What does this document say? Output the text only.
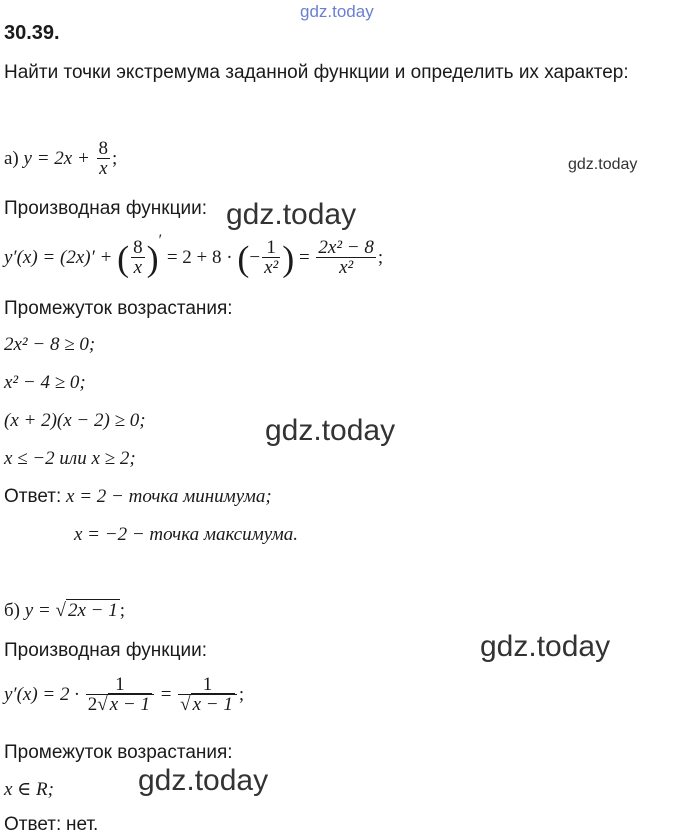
gdz.today
gdz.today
gdz.today
gdz.today
gdz.today
gdz.today
30.39.
Найти точки экстремума заданной функции и определить их характер:
а) $y = 2x + \frac{8}{x}$ ;
Производная функции:
y′(x) = (2x)′ + ( $\frac{8}{x} )' = 2 + 8$ · (− $\frac{1}{\text{x²}}$ ) = $\frac{\text{2x² − 8}}{\text{x²}}$ ;
Промежуток возрастания:
2x² − 8 ≥ 0;
x² − 4 ≥ 0;
(x + 2)(x − 2) ≥ 0;
x ≤ −2 или x ≥ 2;
Ответ: x = 2 − точка минимума;
x = −2 − точка максимума.
б) y = √ 2x − 1 ;
Производная функции:
$y'(x) = 2 \cdot \frac{1}{2√ x - 1} = \frac{1}{√ x - 1}$ ;
Промежуток возрастания:
x ∈ R;
Ответ: нет.
